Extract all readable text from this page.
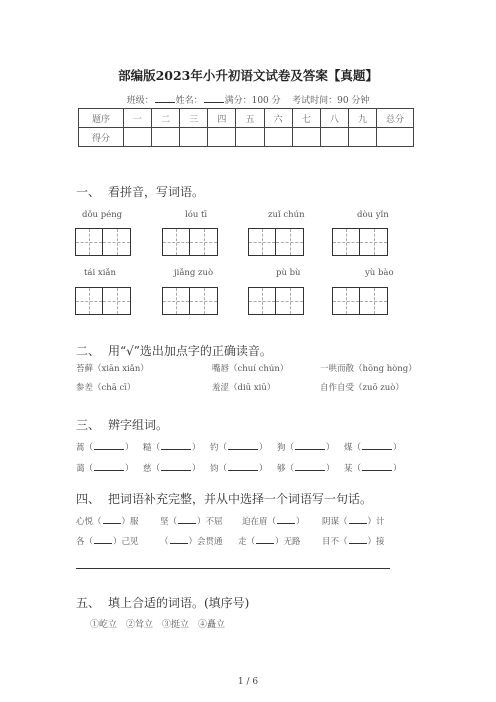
部编版2023年小升初语文试卷及答案【真题】
班级： 姓名： 满分：100 分 考试时间：90 分钟
题序	一	二	三	四	五	六	七	八	九	总分
得分										
一、 看拼音，写词语。
dǒu péng	lóu tī	zuǐ chún	dòu yǐn
tái xiǎn	jiǎng zuò	pù bù	yù bào
二、 用“√”选出加点字的正确读音。
苔藓（xiān xiǎn）	嘴唇（chuí chún）	一哄而散（hōng hòng）
参差（chā cī）	羞涩（diū xiū）	自作自受（zuō zuò）
三、 辨字组词。
蒿（	） 糙（	） 钓（	） 狗（	） 煤（	）
蔼（	） 慈（	） 钧（	） 够（	） 某（	）
四、 把词语补充完整，并从中选择一个词语写一句话。
心悦（ ）服	坚（ ）不屈 迫在眉（ ） 阴谋（ ）计
各（ ）己见	（ ）会贯通 走（ ）无路	目不（ ）接
五、 填上合适的词语。(填序号)
①屹立　②耸立　③挺立　④矗立
1 / 6
